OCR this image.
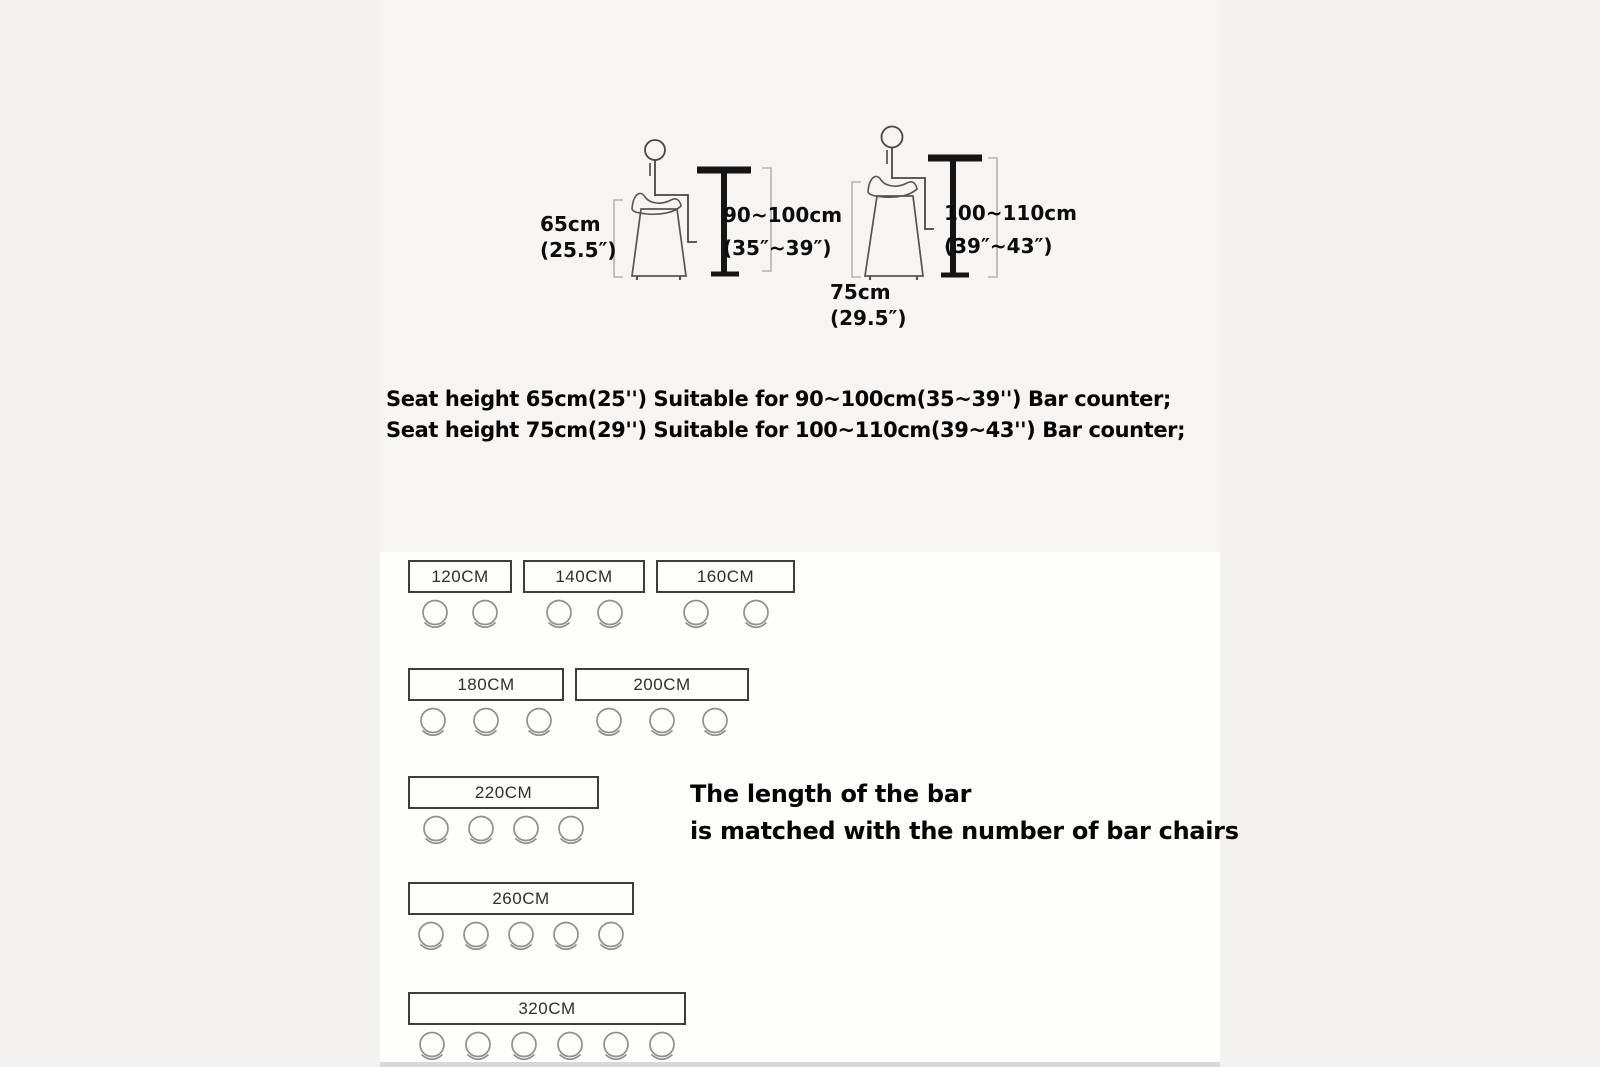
65cm
(25.5″)
90~100cm
(35″~39″)
75cm
(29.5″)
100~110cm
(39″~43″)
Seat height 65cm(25'') Suitable for 90~100cm(35~39'') Bar counter;
Seat height 75cm(29'') Suitable for 100~110cm(39~43'') Bar counter;
120CM	140CM	160CM
180CM	200CM
220CM
260CM
320CM
The length of the bar
is matched with the number of bar chairs
